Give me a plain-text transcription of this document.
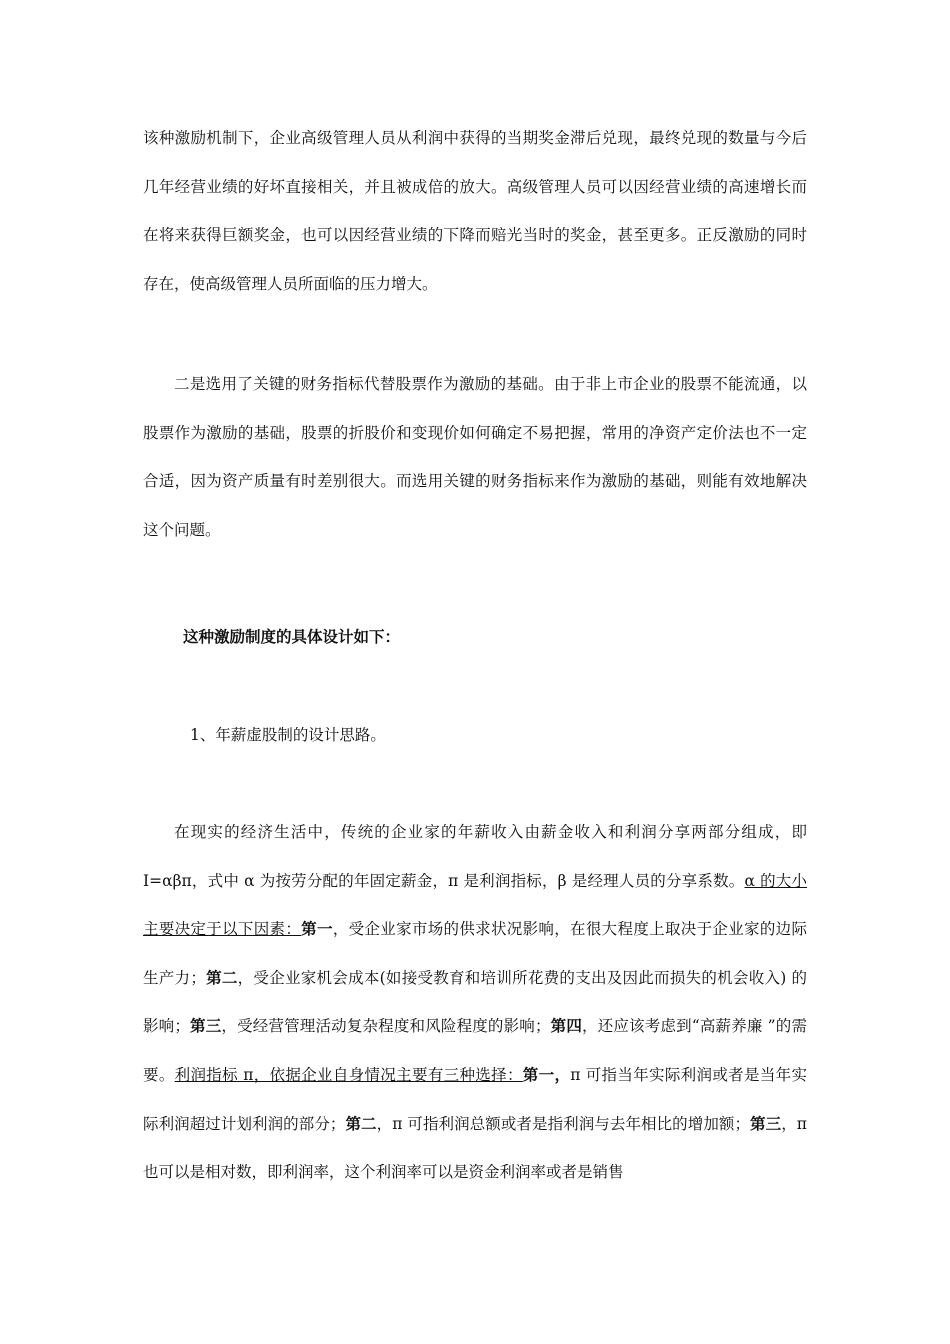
该种激励机制下，企业高级管理人员从利润中获得的当期奖金滞后兑现，最终兑现的数量与今后几年经营业绩的好坏直接相关，并且被成倍的放大。高级管理人员可以因经营业绩的高速增长而在将来获得巨额奖金，也可以因经营业绩的下降而赔光当时的奖金，甚至更多。正反激励的同时存在，使高级管理人员所面临的压力增大。

二是选用了关键的财务指标代替股票作为激励的基础。由于非上市企业的股票不能流通，以股票作为激励的基础，股票的折股价和变现价如何确定不易把握，常用的净资产定价法也不一定合适，因为资产质量有时差别很大。而选用关键的财务指标来作为激励的基础，则能有效地解决这个问题。

这种激励制度的具体设计如下：

1、年薪虚股制的设计思路。

在现实的经济生活中，传统的企业家的年薪收入由薪金收入和利润分享两部分组成，即I=αβπ，式中 α 为按劳分配的年固定薪金，π 是利润指标，β 是经理人员的分享系数。α 的大小主要决定于以下因素：第一，受企业家市场的供求状况影响，在很大程度上取决于企业家的边际生产力；第二，受企业家机会成本(如接受教育和培训所花费的支出及因此而损失的机会收入) 的影响；第三，受经营管理活动复杂程度和风险程度的影响；第四，还应该考虑到“高薪养廉 ”的需要。利润指标 π，依据企业自身情况主要有三种选择：第一，π 可指当年实际利润或者是当年实际利润超过计划利润的部分；第二，π 可指利润总额或者是指利润与去年相比的增加额；第三，π 也可以是相对数，即利润率，这个利润率可以是资金利润率或者是销售
